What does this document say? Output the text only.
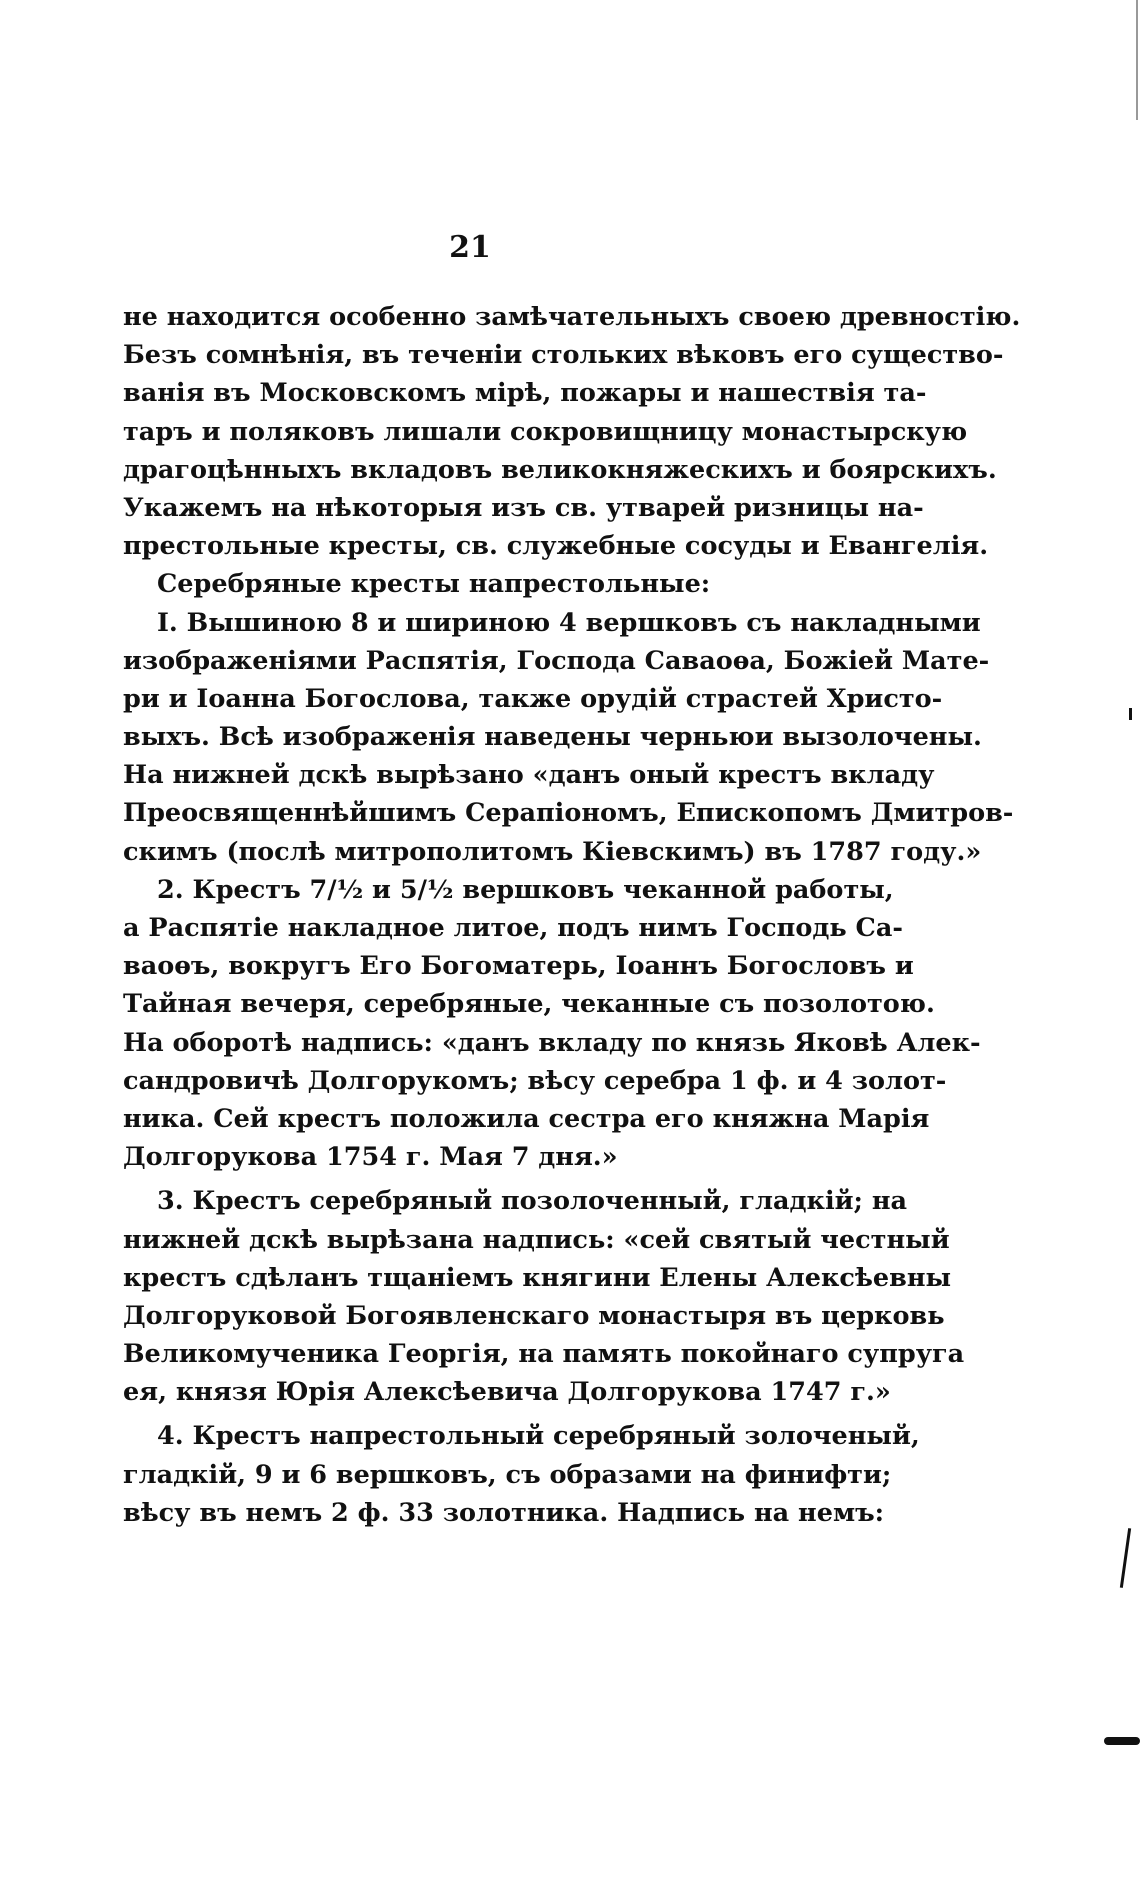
21
не находится особенно замѣчательныхъ своею древностію.
Безъ сомнѣнія, въ теченіи стольких вѣковъ его существо-
ванія въ Московскомъ мірѣ, пожары и нашествія та-
таръ и поляковъ лишали сокровищницу монастырскую
драгоцѣнныхъ вкладовъ великокняжескихъ и боярскихъ.
Укажемъ на нѣкоторыя изъ св. утварей ризницы на-
престольные кресты, св. служебные сосуды и Евангелія.
Серебряные кресты напрестольные:
I. Вышиною 8 и шириною 4 вершковъ съ накладными
изображеніями Распятія, Господа Саваоѳа, Божіей Мате-
ри и Іоанна Богослова, также орудій страстей Христо-
выхъ. Всѣ изображенія наведены черньюи вызолочены.
На нижней дскѣ вырѣзано «данъ оный крестъ вкладу
Преосвященнѣйшимъ Серапіономъ, Епископомъ Дмитров-
скимъ (послѣ митрополитомъ Кіевскимъ) въ 1787 году.»
2. Крестъ 7/½ и 5/½ вершковъ чеканной работы,
а Распятіе накладное литое, подъ нимъ Господь Са-
ваоѳъ, вокругъ Его Богоматерь, Іоаннъ Богословъ и
Тайная вечеря, серебряные, чеканные съ позолотою.
На оборотѣ надпись: «данъ вкладу по князь Яковѣ Алек-
сандровичѣ Долгорукомъ; вѣсу серебра 1 ф. и 4 золот-
ника. Сей крестъ положила сестра его княжна Марія
Долгорукова 1754 г. Мая 7 дня.»
3. Крестъ серебряный позолоченный, гладкій; на
нижней дскѣ вырѣзана надпись: «сей святый честный
крестъ сдѣланъ тщаніемъ княгини Елены Алексѣевны
Долгоруковой Богоявленскаго монастыря въ церковь
Великомученика Георгія, на память покойнаго супруга
ея, князя Юрія Алексѣевича Долгорукова 1747 г.»
4. Крестъ напрестольный серебряный золоченый,
гладкій, 9 и 6 вершковъ, съ образами на финифти;
вѣсу въ немъ 2 ф. 33 золотника. Надпись на немъ:
